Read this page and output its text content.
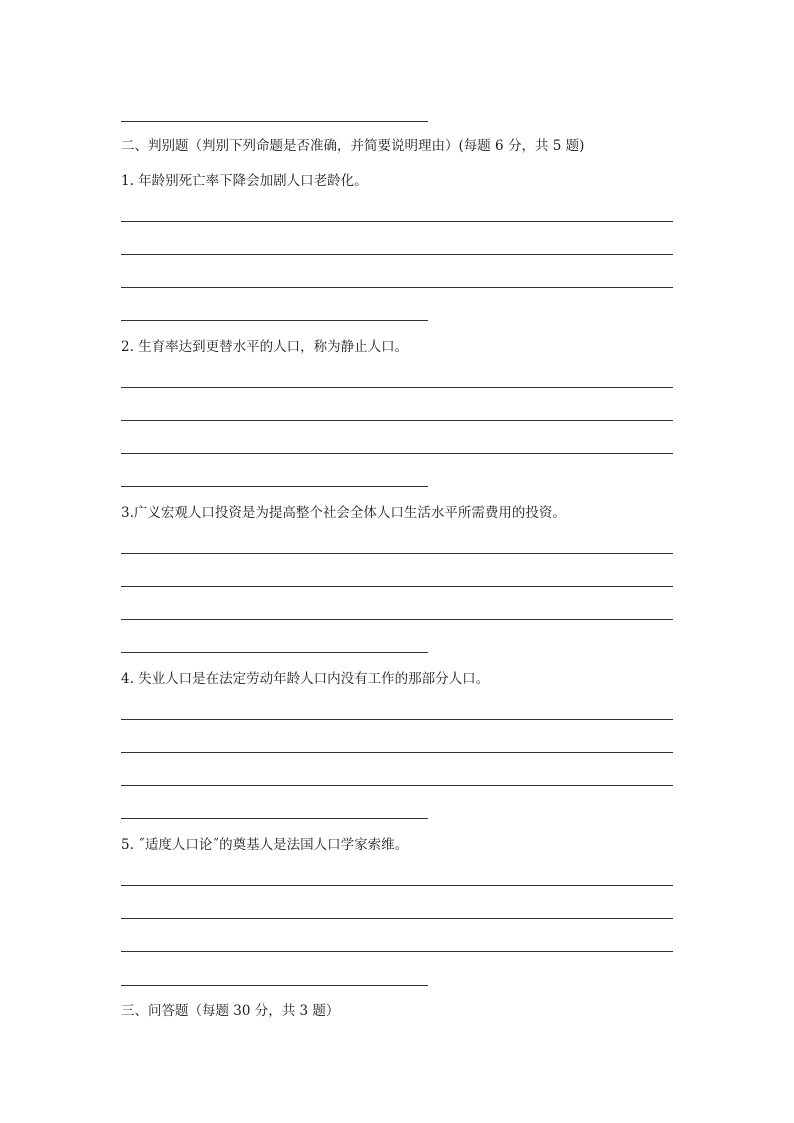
二、判别题（判别下列命题是否准确，并简要说明理由）(每题 6 分，共 5 题)
1. 年龄别死亡率下降会加剧人口老龄化。
2. 生育率达到更替水平的人口，称为静止人口。
3.广义宏观人口投资是为提高整个社会全体人口生活水平所需费用的投资。
4. 失业人口是在法定劳动年龄人口内没有工作的那部分人口。
5. ˝适度人口论˝的奠基人是法国人口学家索维。
三、问答题（每题 30 分，共 3 题）
